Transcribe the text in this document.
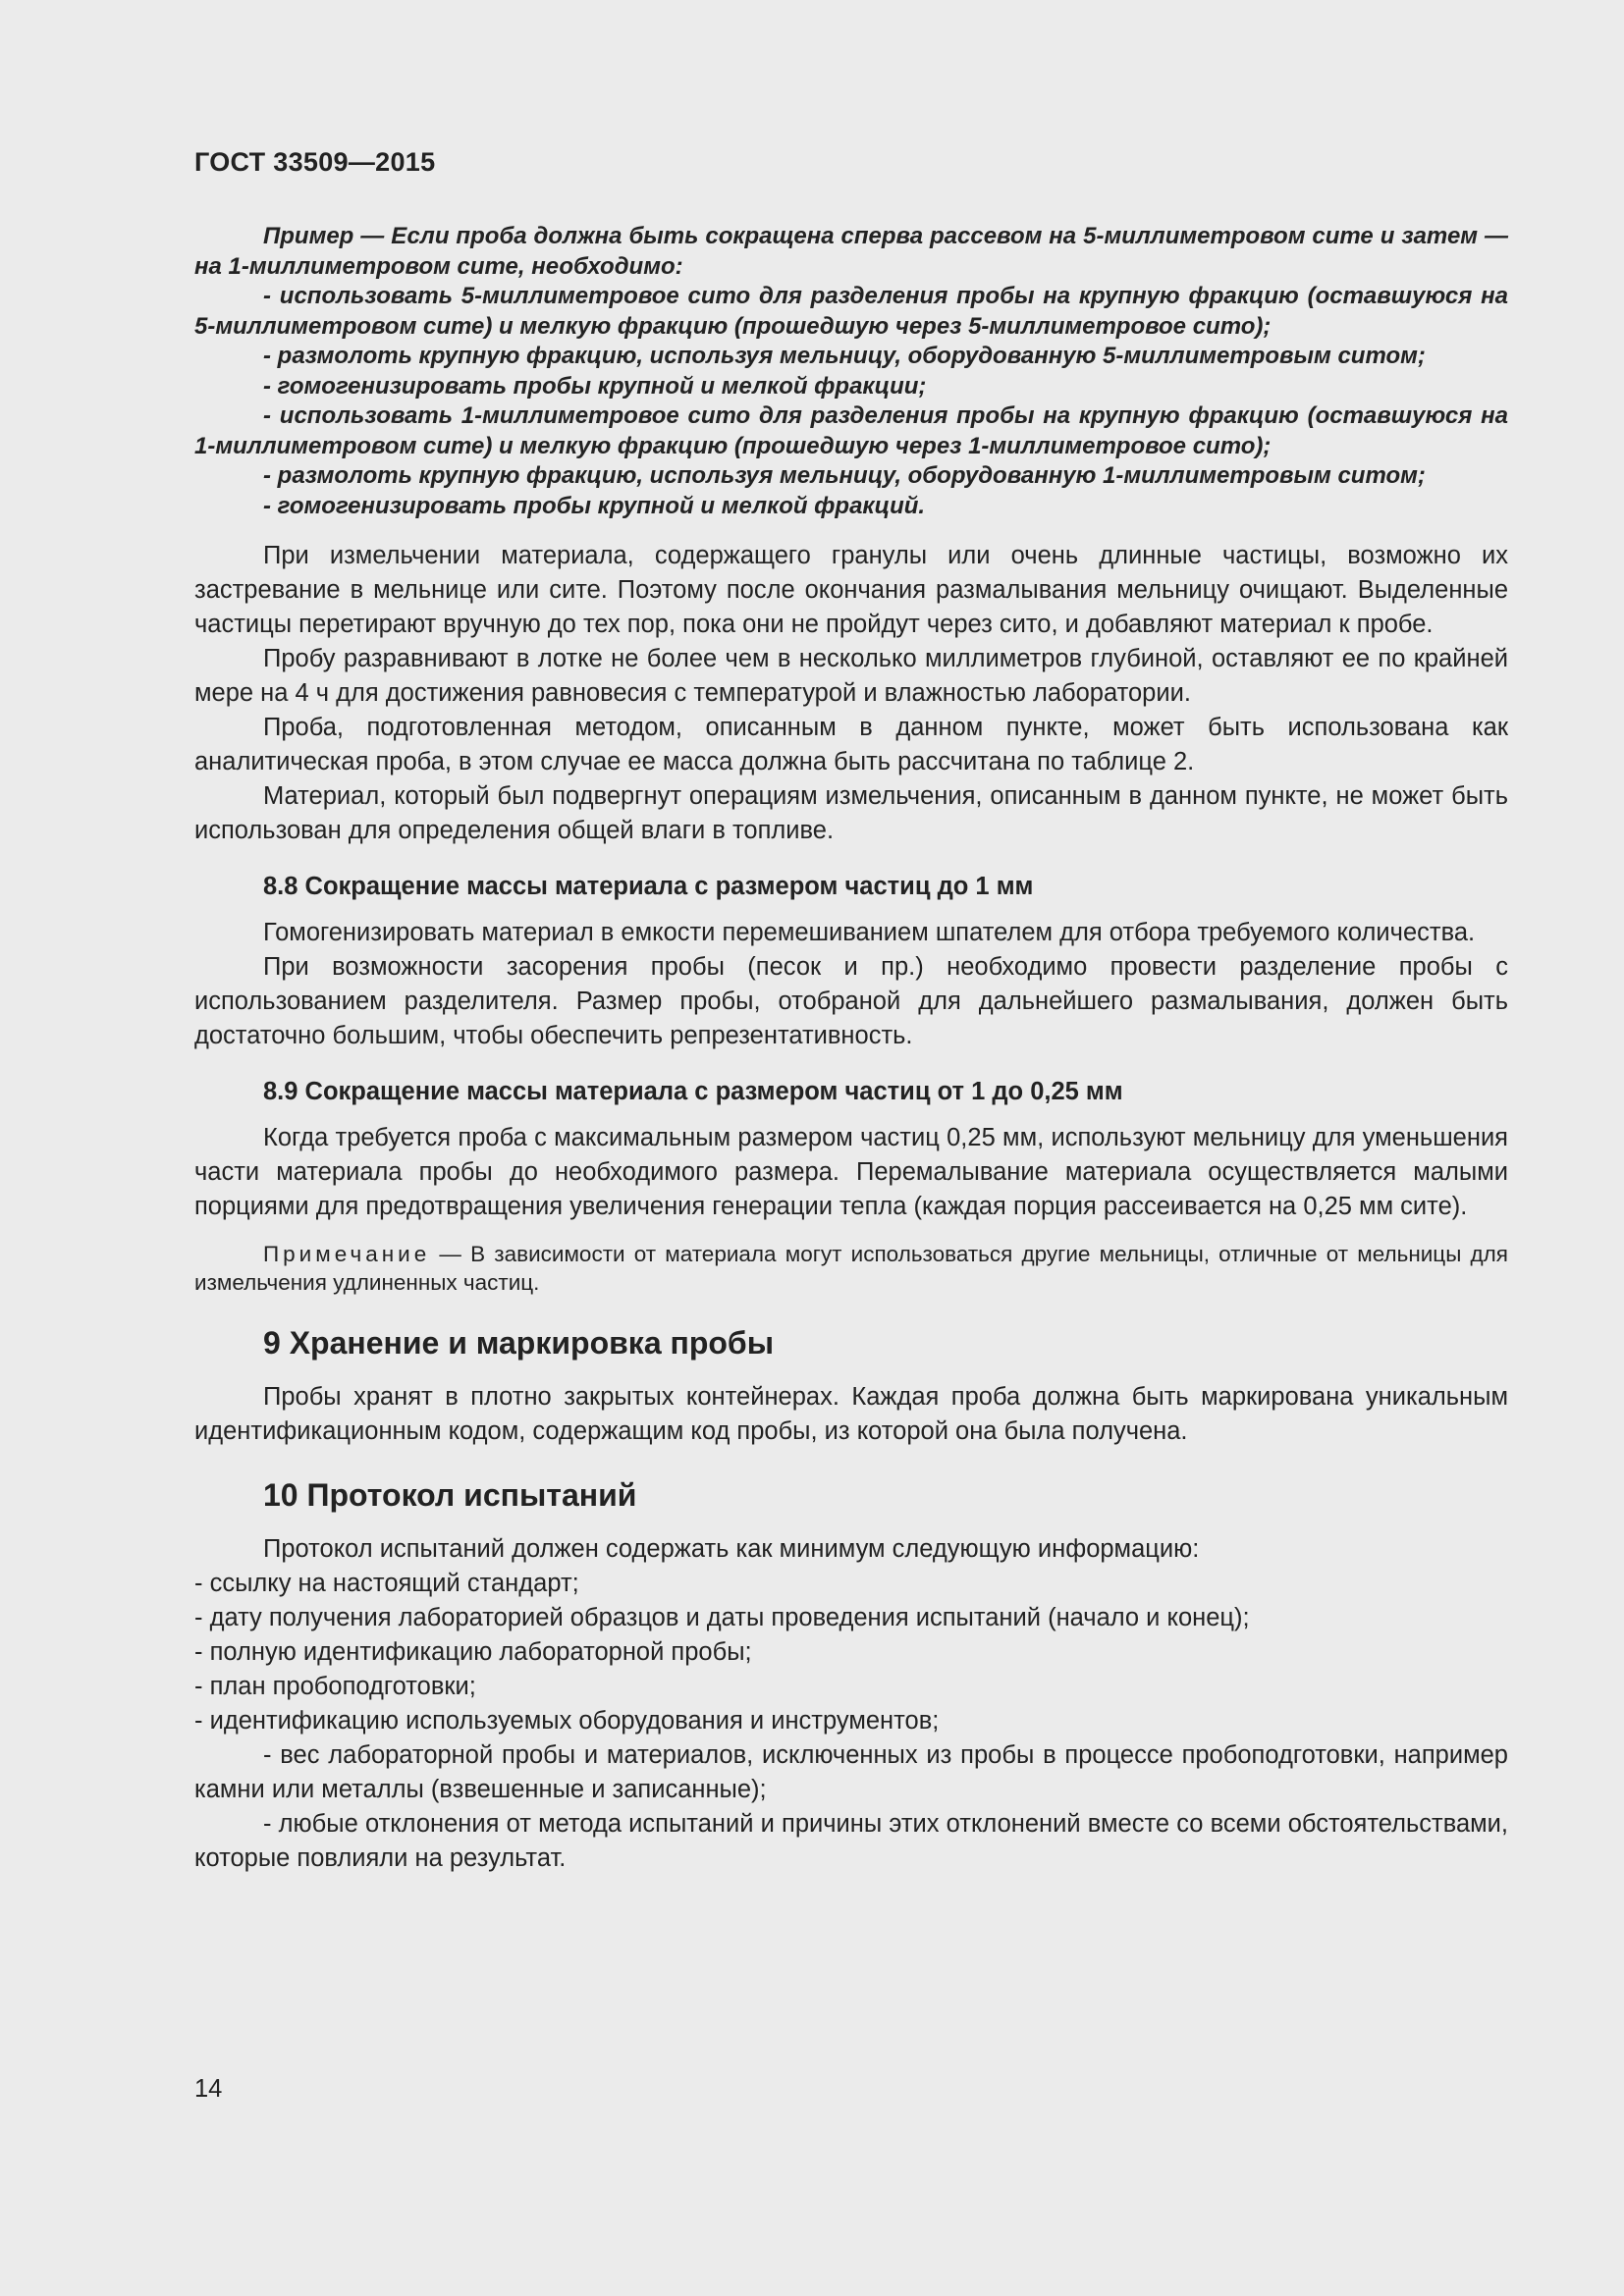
ГОСТ 33509—2015

Пример — Если проба должна быть сокращена сперва рассевом на 5-миллиметровом сите и затем — на 1-миллиметровом сите, необходимо:

- использовать 5-миллиметровое сито для разделения пробы на крупную фракцию (оставшуюся на 5-миллиметровом сите) и мелкую фракцию (прошедшую через 5-миллиметровое сито);

- размолоть крупную фракцию, используя мельницу, оборудованную 5-миллиметровым ситом;

- гомогенизировать пробы крупной и мелкой фракции;

- использовать 1-миллиметровое сито для разделения пробы на крупную фракцию (оставшуюся на 1-миллиметровом сите) и мелкую фракцию (прошедшую через 1-миллиметровое сито);

- размолоть крупную фракцию, используя мельницу, оборудованную 1-миллиметровым ситом;

- гомогенизировать пробы крупной и мелкой фракций.

При измельчении материала, содержащего гранулы или очень длинные частицы, возможно их застревание в мельнице или сите. Поэтому после окончания размалывания мельницу очищают. Выделенные частицы перетирают вручную до тех пор, пока они не пройдут через сито, и добавляют материал к пробе.

Пробу разравнивают в лотке не более чем в несколько миллиметров глубиной, оставляют ее по крайней мере на 4 ч для достижения равновесия с температурой и влажностью лаборатории.

Проба, подготовленная методом, описанным в данном пункте, может быть использована как аналитическая проба, в этом случае ее масса должна быть рассчитана по таблице 2.

Материал, который был подвергнут операциям измельчения, описанным в данном пункте, не может быть использован для определения общей влаги в топливе.

8.8 Сокращение массы материала с размером частиц до 1 мм

Гомогенизировать материал в емкости перемешиванием шпателем для отбора требуемого количества.

При возможности засорения пробы (песок и пр.) необходимо провести разделение пробы с использованием разделителя. Размер пробы, отобраной для дальнейшего размалывания, должен быть достаточно большим, чтобы обеспечить репрезентативность.

8.9 Сокращение массы материала с размером частиц от 1 до 0,25 мм

Когда требуется проба с максимальным размером частиц 0,25 мм, используют мельницу для уменьшения части материала пробы до необходимого размера. Перемалывание материала осуществляется малыми порциями для предотвращения увеличения генерации тепла (каждая порция рассеивается на 0,25 мм сите).

Примечание — В зависимости от материала могут использоваться другие мельницы, отличные от мельницы для измельчения удлиненных частиц.

9 Хранение и маркировка пробы

Пробы хранят в плотно закрытых контейнерах. Каждая проба должна быть маркирована уникальным идентификационным кодом, содержащим код пробы, из которой она была получена.

10 Протокол испытаний

Протокол испытаний должен содержать как минимум следующую информацию:

- ссылку на настоящий стандарт;

- дату получения лабораторией образцов и даты проведения испытаний (начало и конец);

- полную идентификацию лабораторной пробы;

- план пробоподготовки;

- идентификацию используемых оборудования и инструментов;

- вес лабораторной пробы и материалов, исключенных из пробы в процессе пробоподготовки, например камни или металлы (взвешенные и записанные);

- любые отклонения от метода испытаний и причины этих отклонений вместе со всеми обстоятельствами, которые повлияли на результат.

14
